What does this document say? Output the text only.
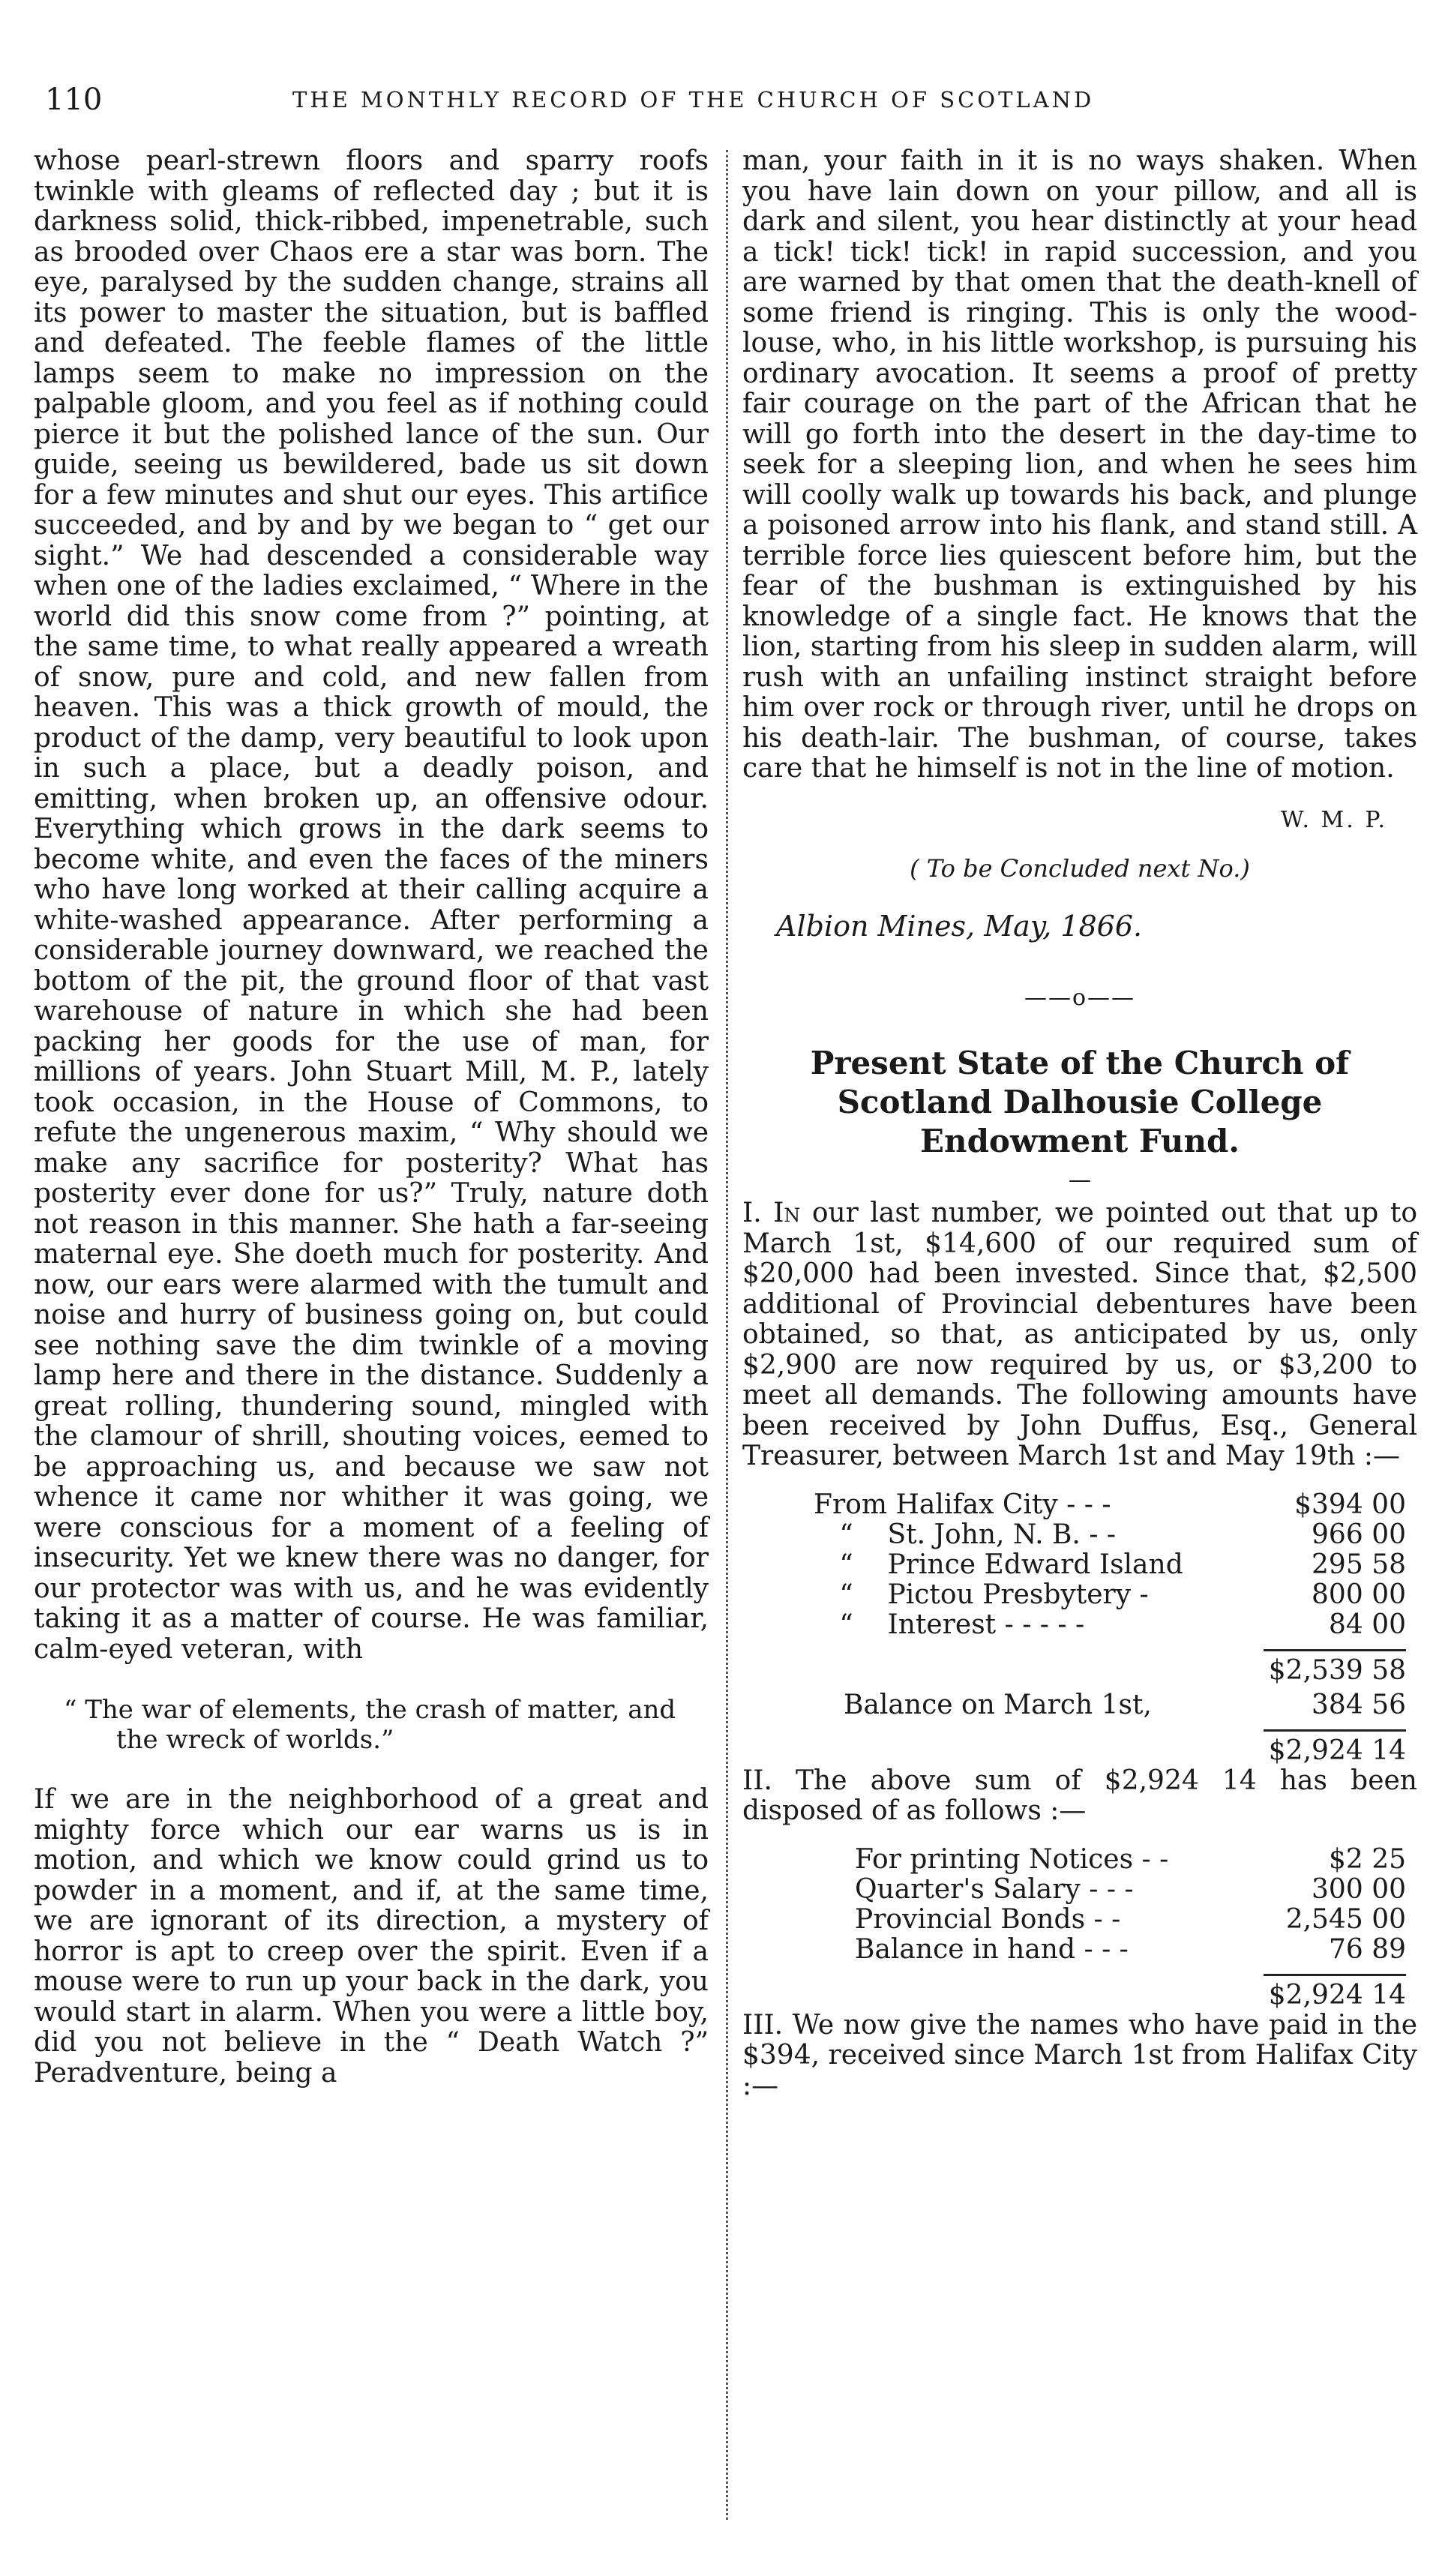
110	THE MONTHLY RECORD OF THE CHURCH OF SCOTLAND

whose pearl-strewn floors and sparry roofs twinkle with gleams of reflected day ; but it is darkness solid, thick-ribbed, impenetrable, such as brooded over Chaos ere a star was born. The eye, paralysed by the sudden change, strains all its power to master the situation, but is baffled and defeated. The feeble flames of the little lamps seem to make no impression on the palpable gloom, and you feel as if nothing could pierce it but the polished lance of the sun. Our guide, seeing us bewildered, bade us sit down for a few minutes and shut our eyes. This artifice succeeded, and by and by we began to “ get our sight.” We had descended a considerable way when one of the ladies exclaimed, “ Where in the world did this snow come from ?” pointing, at the same time, to what really appeared a wreath of snow, pure and cold, and new fallen from heaven. This was a thick growth of mould, the product of the damp, very beautiful to look upon in such a place, but a deadly poison, and emitting, when broken up, an offensive odour. Everything which grows in the dark seems to become white, and even the faces of the miners who have long worked at their calling acquire a white-washed appearance. After performing a considerable journey downward, we reached the bottom of the pit, the ground floor of that vast warehouse of nature in which she had been packing her goods for the use of man, for millions of years. John Stuart Mill, M. P., lately took occasion, in the House of Commons, to refute the ungenerous maxim, “ Why should we make any sacrifice for posterity? What has posterity ever done for us?” Truly, nature doth not reason in this manner. She hath a far-seeing maternal eye. She doeth much for posterity. And now, our ears were alarmed with the tumult and noise and hurry of business going on, but could see nothing save the dim twinkle of a moving lamp here and there in the distance. Suddenly a great rolling, thundering sound, mingled with the clamour of shrill, shouting voices, eemed to be approaching us, and because we saw not whence it came nor whither it was going, we were conscious for a moment of a feeling of insecurity. Yet we knew there was no danger, for our protector was with us, and he was evidently taking it as a matter of course. He was familiar, calm-eyed veteran, with

“ The war of elements, the crash of matter, and
the wreck of worlds.”

If we are in the neighborhood of a great and mighty force which our ear warns us is in motion, and which we know could grind us to powder in a moment, and if, at the same time, we are ignorant of its direction, a mystery of horror is apt to creep over the spirit. Even if a mouse were to run up your back in the dark, you would start in alarm. When you were a little boy, did you not believe in the “ Death Watch ?” Peradventure, being a

man, your faith in it is no ways shaken. When you have lain down on your pillow, and all is dark and silent, you hear distinctly at your head a tick! tick! tick! in rapid succession, and you are warned by that omen that the death-knell of some friend is ringing. This is only the wood-louse, who, in his little workshop, is pursuing his ordinary avocation. It seems a proof of pretty fair courage on the part of the African that he will go forth into the desert in the day-time to seek for a sleeping lion, and when he sees him will coolly walk up towards his back, and plunge a poisoned arrow into his flank, and stand still. A terrible force lies quiescent before him, but the fear of the bushman is extinguished by his knowledge of a single fact. He knows that the lion, starting from his sleep in sudden alarm, will rush with an unfailing instinct straight before him over rock or through river, until he drops on his death-lair. The bushman, of course, takes care that he himself is not in the line of motion.

W. M. P.
( To be Concluded next No.)
Albion Mines, May, 1866.
——o——
Present State of the Church of Scotland Dalhousie College Endowment Fund.
—

I. In our last number, we pointed out that up to March 1st, $14,600 of our required sum of $20,000 had been invested. Since that, $2,500 additional of Provincial debentures have been obtained, so that, as anticipated by us, only $2,900 are now required by us, or $3,200 to meet all demands. The following amounts have been received by John Duffus, Esq., General Treasurer, between March 1st and May 19th :—

From Halifax City - - -	$394 00
“    St. John, N. B. - -	966 00
“    Prince Edward Island	295 58
“    Pictou Presbytery -	800 00
“    Interest - - - - -	84 00
$2,539 58
Balance on March 1st,	384 56
$2,924 14

II. The above sum of $2,924 14 has been disposed of as follows :—

For printing Notices - -	$2 25
Quarter's Salary - - -	300 00
Provincial Bonds - -	2,545 00
Balance in hand - - -	76 89
$2,924 14

III. We now give the names who have paid in the $394, received since March 1st from Halifax City :—
